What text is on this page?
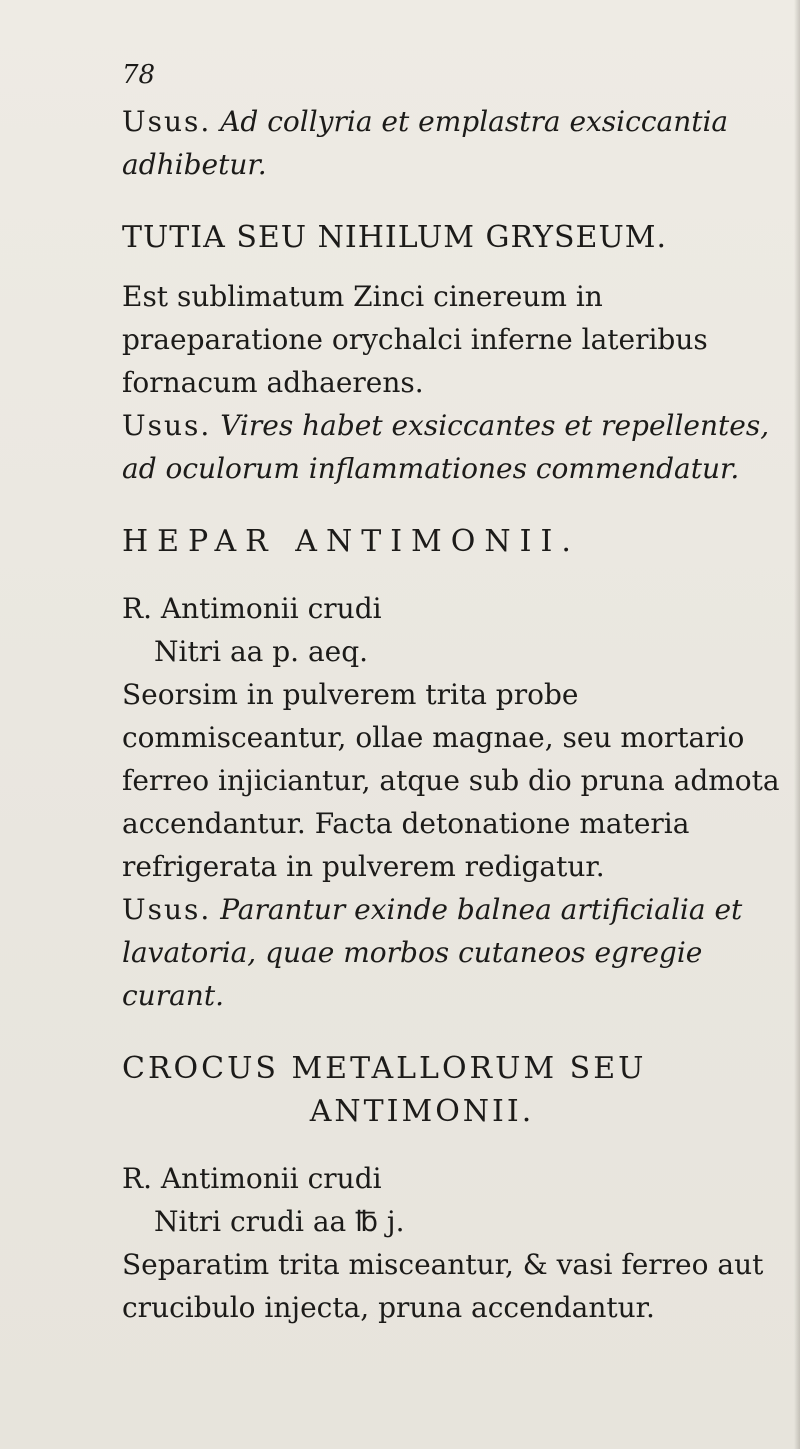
78

Usus. Ad collyria et emplastra exsiccantia adhibetur.

TUTIA SEU NIHILUM GRYSEUM.

Est sublimatum Zinci cinereum in praeparatione orychalci inferne lateribus fornacum adhaerens.

Usus. Vires habet exsiccantes et repellentes, ad oculorum inflammationes commendatur.

HEPAR ANTIMONII.

R. Antimonii crudi

Nitri aa p. aeq.

Seorsim in pulverem trita probe commisceantur, ollae magnae, seu mortario ferreo injiciantur, atque sub dio pruna admota accendantur. Facta detonatione materia refrigerata in pulverem redigatur.

Usus. Parantur exinde balnea artificialia et lavatoria, quae morbos cutaneos egregie curant.

CROCUS METALLORUM SEU

ANTIMONII.

R. Antimonii crudi

Nitri crudi aa ℔ j.

Separatim trita misceantur, & vasi ferreo aut crucibulo injecta, pruna accendantur.
